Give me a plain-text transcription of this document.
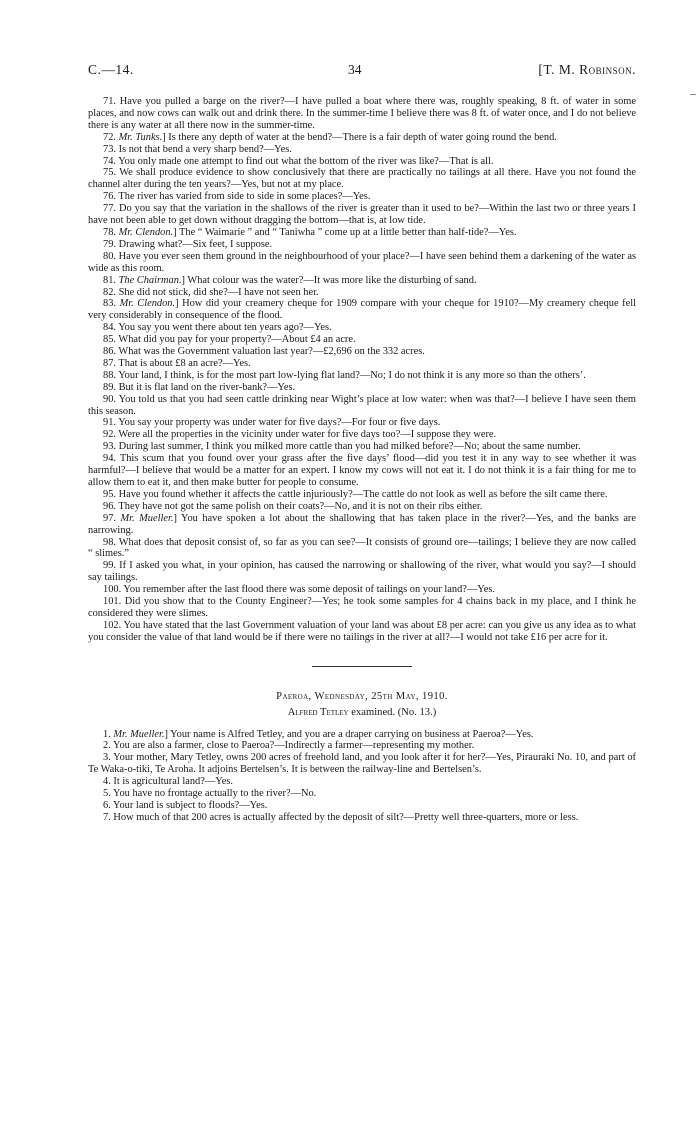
C.—14.	34	[T. M. Robinson.

71. Have you pulled a barge on the river?—I have pulled a boat where there was, roughly speaking, 8 ft. of water in some places, and now cows can walk out and drink there. In the summer-time I believe there was 8 ft. of water once, and I do not believe there is any water at all there now in the summer-time.

72. Mr. Tunks.] Is there any depth of water at the bend?—There is a fair depth of water going round the bend.

73. Is not that bend a very sharp bend?—Yes.

74. You only made one attempt to find out what the bottom of the river was like?—That is all.

75. We shall produce evidence to show conclusively that there are practically no tailings at all there. Have you not found the channel alter during the ten years?—Yes, but not at my place.

76. The river has varied from side to side in some places?—Yes.

77. Do you say that the variation in the shallows of the river is greater than it used to be?—Within the last two or three years I have not been able to get down without dragging the bottom—that is, at low tide.

78. Mr. Clendon.] The “ Waimarie ” and “ Taniwha ” come up at a little better than half-tide?—Yes.

79. Drawing what?—Six feet, I suppose.

80. Have you ever seen them ground in the neighbourhood of your place?—I have seen behind them a darkening of the water as wide as this room.

81. The Chairman.] What colour was the water?—It was more like the disturbing of sand.

82. She did not stick, did she?—I have not seen her.

83. Mr. Clendon.] How did your creamery cheque for 1909 compare with your cheque for 1910?—My creamery cheque fell very considerably in consequence of the flood.

84. You say you went there about ten years ago?—Yes.

85. What did you pay for your property?—About £4 an acre.

86. What was the Government valuation last year?—£2,696 on the 332 acres.

87. That is about £8 an acre?—Yes.

88. Your land, I think, is for the most part low-lying flat land?—No; I do not think it is any more so than the others’.

89. But it is flat land on the river-bank?—Yes.

90. You told us that you had seen cattle drinking near Wight’s place at low water: when was that?—I believe I have seen them this season.

91. You say your property was under water for five days?—For four or five days.

92. Were all the properties in the vicinity under water for five days too?—I suppose they were.

93. During last summer, I think you milked more cattle than you had milked before?—No; about the same number.

94. This scum that you found over your grass after the five days’ flood—did you test it in any way to see whether it was harmful?—I believe that would be a matter for an expert. I know my cows will not eat it. I do not think it is a fair thing for me to allow them to eat it, and then make butter for people to consume.

95. Have you found whether it affects the cattle injuriously?—The cattle do not look as well as before the silt came there.

96. They have not got the same polish on their coats?—No, and it is not on their ribs either.

97. Mr. Mueller.] You have spoken a lot about the shallowing that has taken place in the river?—Yes, and the banks are narrowing.

98. What does that deposit consist of, so far as you can see?—It consists of ground ore—tailings; I believe they are now called “ slimes.”

99. If I asked you what, in your opinion, has caused the narrowing or shallowing of the river, what would you say?—I should say tailings.

100. You remember after the last flood there was some deposit of tailings on your land?—Yes.

101. Did you show that to the County Engineer?—Yes; he took some samples for 4 chains back in my place, and I think he considered they were slimes.

102. You have stated that the last Government valuation of your land was about £8 per acre: can you give us any idea as to what you consider the value of that land would be if there were no tailings in the river at all?—I would not take £16 per acre for it.

Paeroa, Wednesday, 25th May, 1910.
Alfred Tetley examined. (No. 13.)

1. Mr. Mueller.] Your name is Alfred Tetley, and you are a draper carrying on business at Paeroa?—Yes.

2. You are also a farmer, close to Paeroa?—Indirectly a farmer—representing my mother.

3. Your mother, Mary Tetley, owns 200 acres of freehold land, and you look after it for her?—Yes, Pirauraki No. 10, and part of Te Waka-o-tiki, Te Aroha. It adjoins Bertelsen’s. It is between the railway-line and Bertelsen’s.

4. It is agricultural land?—Yes.

5. You have no frontage actually to the river?—No.

6. Your land is subject to floods?—Yes.

7. How much of that 200 acres is actually affected by the deposit of silt?—Pretty well three-quarters, more or less.
